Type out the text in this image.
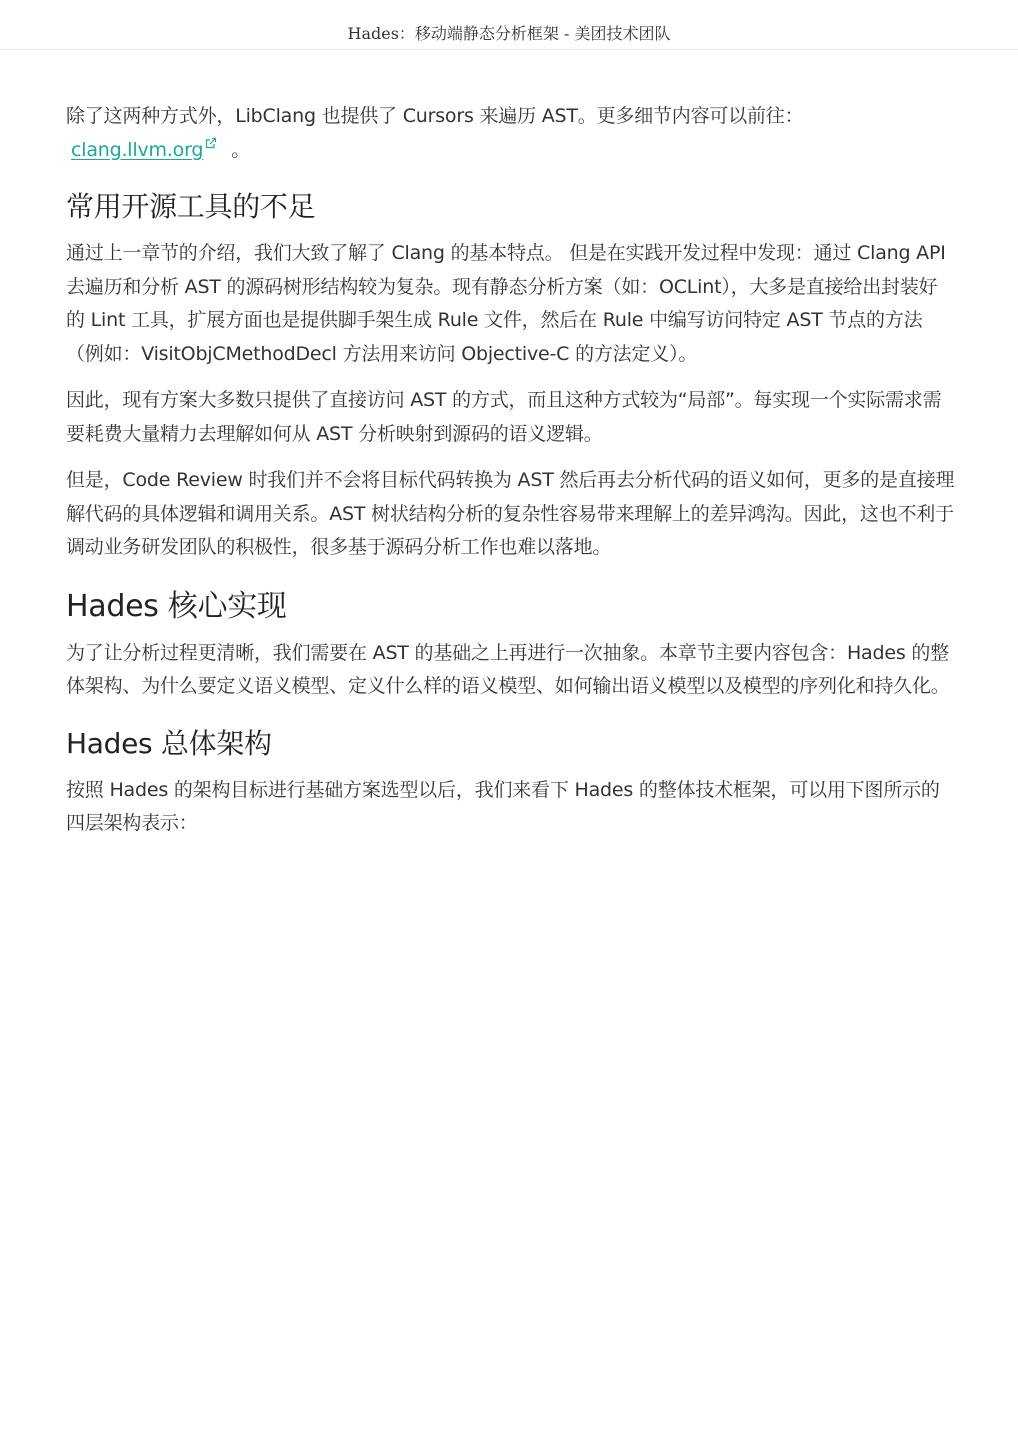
Hades：移动端静态分析框架 - 美团技术团队

除了这两种方式外，LibClang 也提供了 Cursors 来遍历 AST。更多细节内容可以前往：
clang.llvm.org 。

常用开源工具的不足

通过上一章节的介绍，我们大致了解了 Clang 的基本特点。 但是在实践开发过程中发现：通过 Clang API 去遍历和分析 AST 的源码树形结构较为复杂。现有静态分析方案（如：OCLint），大多是直接给出封装好的 Lint 工具，扩展方面也是提供脚手架生成 Rule 文件，然后在 Rule 中编写访问特定 AST 节点的方法（例如：VisitObjCMethodDecl 方法用来访问 Objective-C 的方法定义）。

因此，现有方案大多数只提供了直接访问 AST 的方式，而且这种方式较为“局部”。每实现一个实际需求需要耗费大量精力去理解如何从 AST 分析映射到源码的语义逻辑。

但是，Code Review 时我们并不会将目标代码转换为 AST 然后再去分析代码的语义如何，更多的是直接理解代码的具体逻辑和调用关系。AST 树状结构分析的复杂性容易带来理解上的差异鸿沟。因此，这也不利于调动业务研发团队的积极性，很多基于源码分析工作也难以落地。

Hades 核心实现

为了让分析过程更清晰，我们需要在 AST 的基础之上再进行一次抽象。本章节主要内容包含：Hades 的整体架构、为什么要定义语义模型、定义什么样的语义模型、如何输出语义模型以及模型的序列化和持久化。

Hades 总体架构

按照 Hades 的架构目标进行基础方案选型以后，我们来看下 Hades 的整体技术框架，可以用下图所示的四层架构表示：
